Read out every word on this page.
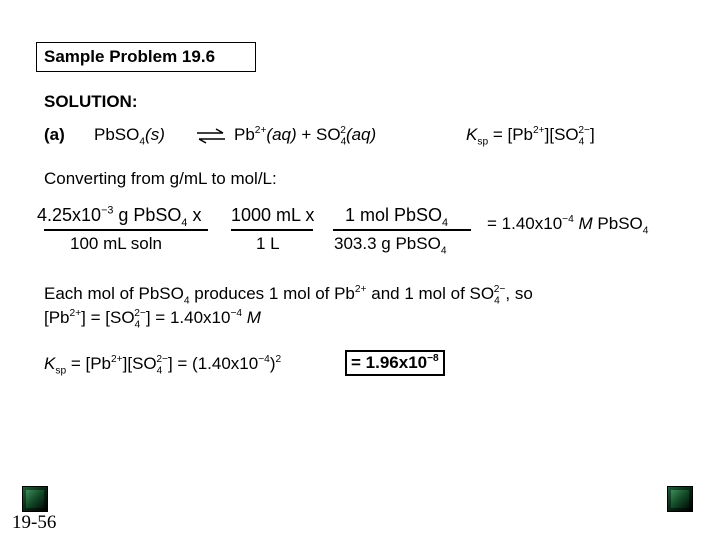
Sample Problem 19.6
SOLUTION:
(a) PbSO$_4$(s) ⇌ $Pb^{2+}(aq) + SO_4^2(aq)$	$K_{sp} = [Pb^{2+}][SO_4^{2-}]$
Converting from g/mL to mol/L:
$4.25x10^{-3}$ g PbSO$_4$ x 1000 mL x 1 mol PbSO$_4$
100 mL soln	1 L	303.3 g PbSO$_4$
= $1.40x10^{-4}$ M PbSO$_4$
Each mol of PbSO$_4$ produces 1 mol of $Pb^{2+}$ and 1 mol of $SO_4^{2-}$, so
$[Pb^{2+}] = [SO_4^{2-}] = 1.40x10^{-4}$ M
$K_{sp} = [Pb^{2+}][SO_4^{2-}] = (1.40x10^{-4})^2$	= $1.96x10^{-8}$
19-56
